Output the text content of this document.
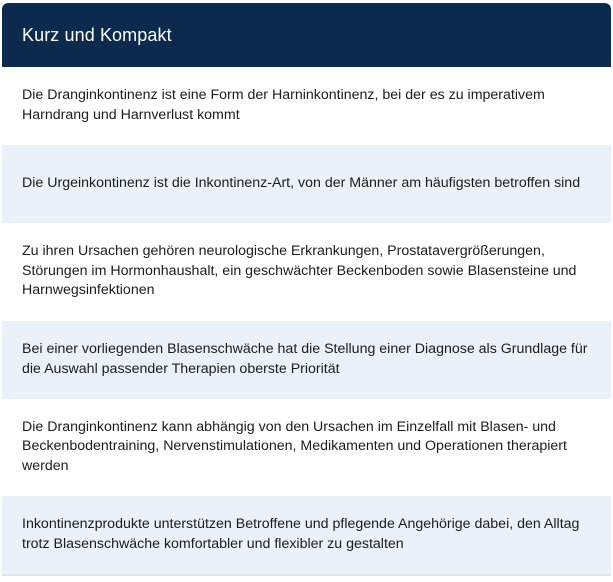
Kurz und Kompakt
Die Dranginkontinenz ist eine Form der Harninkontinenz, bei der es zu imperativem Harndrang und Harnverlust kommt
Die Urgeinkontinenz ist die Inkontinenz-Art, von der Männer am häufigsten betroffen sind
Zu ihren Ursachen gehören neurologische Erkrankungen, Prostatavergrößerungen, Störungen im Hormonhaushalt, ein geschwächter Beckenboden sowie Blasensteine und Harnwegsinfektionen
Bei einer vorliegenden Blasenschwäche hat die Stellung einer Diagnose als Grundlage für die Auswahl passender Therapien oberste Priorität
Die Dranginkontinenz kann abhängig von den Ursachen im Einzelfall mit Blasen- und Beckenbodentraining, Nervenstimulationen, Medikamenten und Operationen therapiert werden
Inkontinenzprodukte unterstützen Betroffene und pflegende Angehörige dabei, den Alltag trotz Blasenschwäche komfortabler und flexibler zu gestalten
